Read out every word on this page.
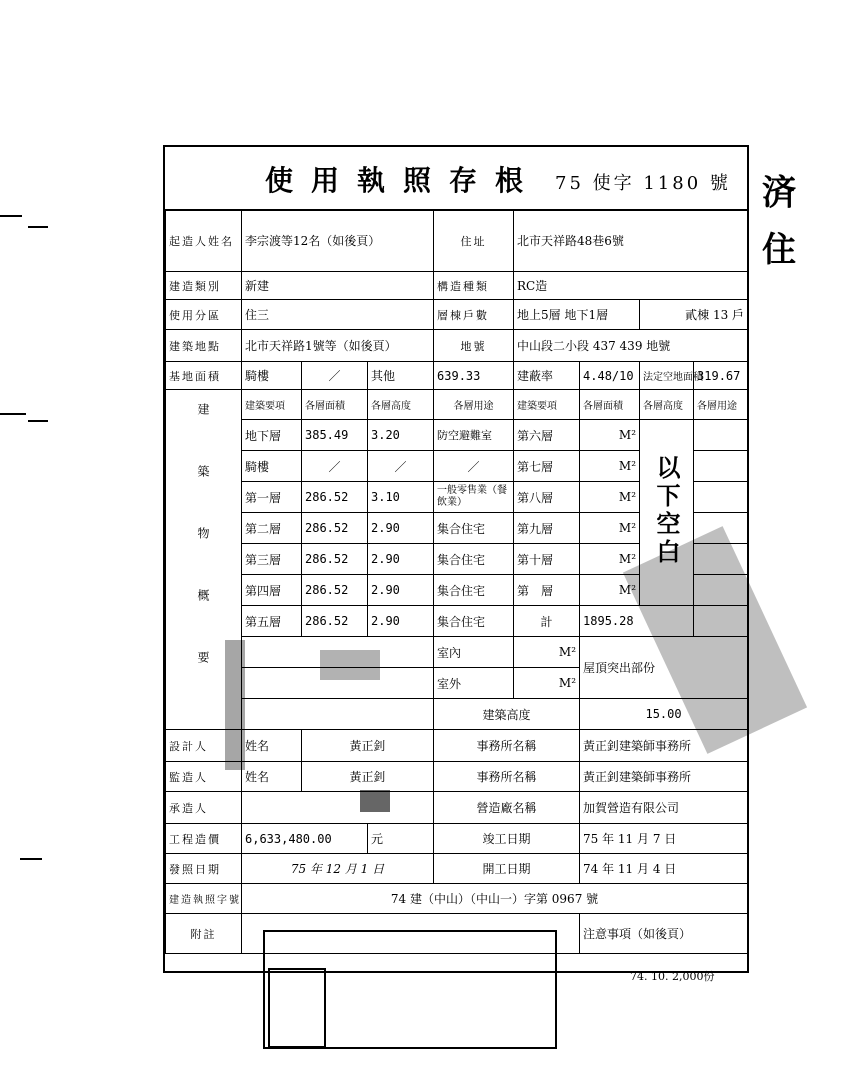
使用執照存根 75 使字 1180 號
起造人姓名	李宗渡等12名（如後頁）			住址	北市天祥路48巷6號			
建造類別	新建			構造種類	RC造			
使用分區	住三			層棟戶數	地上5層 地下1層		貳棟 13 戶	
建築地點	北市天祥路1號等（如後頁）			地號	中山段二小段 437 439 地號			
基地面積	騎樓	／	其他	639.33	建蔽率	4.48/10	法定空地面積	319.67
建築物概要	建築要項	各層面積	各層高度	各層用途	建築要項	各層面積	各層高度	各層用途
	地下層	385.49	3.20	防空避難室	第六層	M²	以下空白	
	騎樓	／	／	／	第七層	M²		
	第一層	286.52	3.10	一般零售業（餐飲業）	第八層	M²		
	第二層	286.52	2.90	集合住宅	第九層	M²		
	第三層	286.52	2.90	集合住宅	第十層	M²		
	第四層	286.52	2.90	集合住宅	第　層	M²		
	第五層	286.52	2.90	集合住宅	計	1895.28		
				室內	M²	屋頂突出部份		
				室外	M²			
				建築高度		15.00		
設計人	姓名	黃正釗		事務所名稱		黃正釗建築師事務所		
監造人	姓名	黃正釗		事務所名稱		黃正釗建築師事務所		
承造人				營造廠名稱		加賀營造有限公司		
工程造價	6,633,480.00		元	竣工日期		75 年 11 月 7 日		
發照日期	75 年 12 月 1 日			開工日期		74 年 11 月 4 日		
建造執照字號	74 建（中山）（中山一）字第 0967 號							
附註						注意事項（如後頁）		
済
住
74. 10. 2,000份
